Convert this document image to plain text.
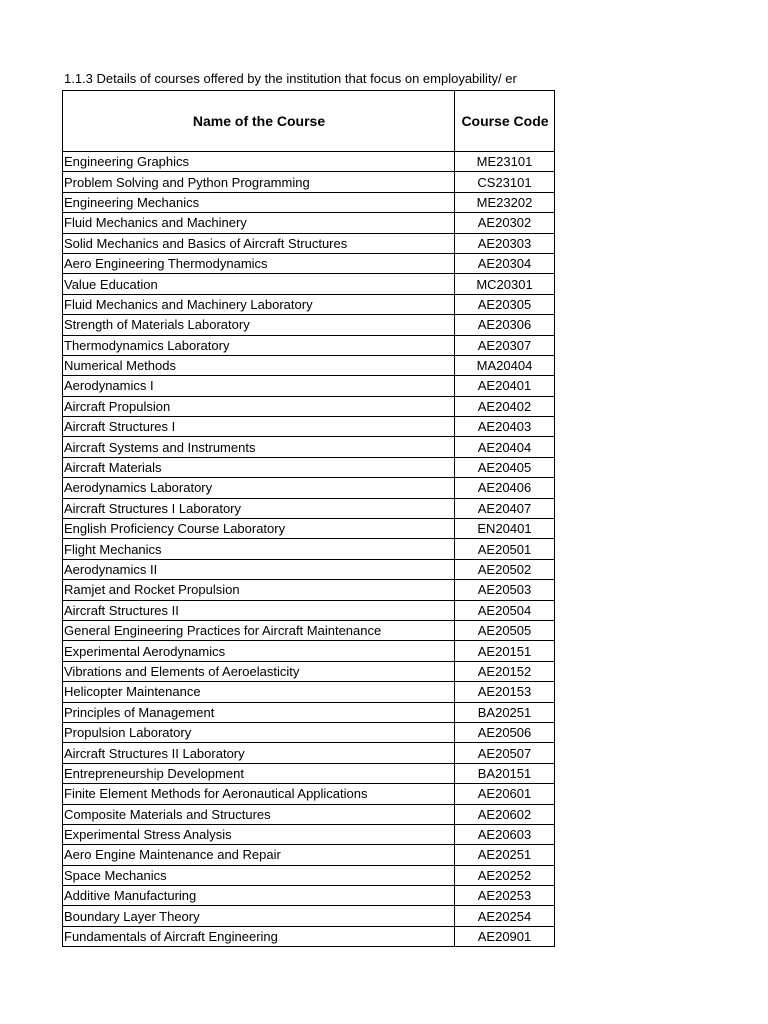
1.1.3 Details of courses offered by the institution that focus on employability/ er
Name of the Course	Course Code
Engineering Graphics	ME23101
Problem Solving and Python Programming	CS23101
Engineering Mechanics	ME23202
Fluid Mechanics and Machinery	AE20302
Solid Mechanics and Basics of Aircraft Structures	AE20303
Aero Engineering Thermodynamics	AE20304
Value Education	MC20301
Fluid Mechanics and Machinery Laboratory	AE20305
Strength of Materials Laboratory	AE20306
Thermodynamics Laboratory	AE20307
Numerical Methods	MA20404
Aerodynamics I	AE20401
Aircraft Propulsion	AE20402
Aircraft Structures I	AE20403
Aircraft Systems and Instruments	AE20404
Aircraft Materials	AE20405
Aerodynamics Laboratory	AE20406
Aircraft Structures I Laboratory	AE20407
English Proficiency Course Laboratory	EN20401
Flight Mechanics	AE20501
Aerodynamics II	AE20502
Ramjet and Rocket Propulsion	AE20503
Aircraft Structures II	AE20504
General Engineering Practices for Aircraft Maintenance	AE20505
Experimental Aerodynamics	AE20151
Vibrations and Elements of Aeroelasticity	AE20152
Helicopter Maintenance	AE20153
Principles of Management	BA20251
Propulsion Laboratory	AE20506
Aircraft Structures II Laboratory	AE20507
Entrepreneurship Development	BA20151
Finite Element Methods for Aeronautical Applications	AE20601
Composite Materials and Structures	AE20602
Experimental Stress Analysis	AE20603
Aero Engine Maintenance and Repair	AE20251
Space Mechanics	AE20252
Additive Manufacturing	AE20253
Boundary Layer Theory	AE20254
Fundamentals of Aircraft Engineering	AE20901
